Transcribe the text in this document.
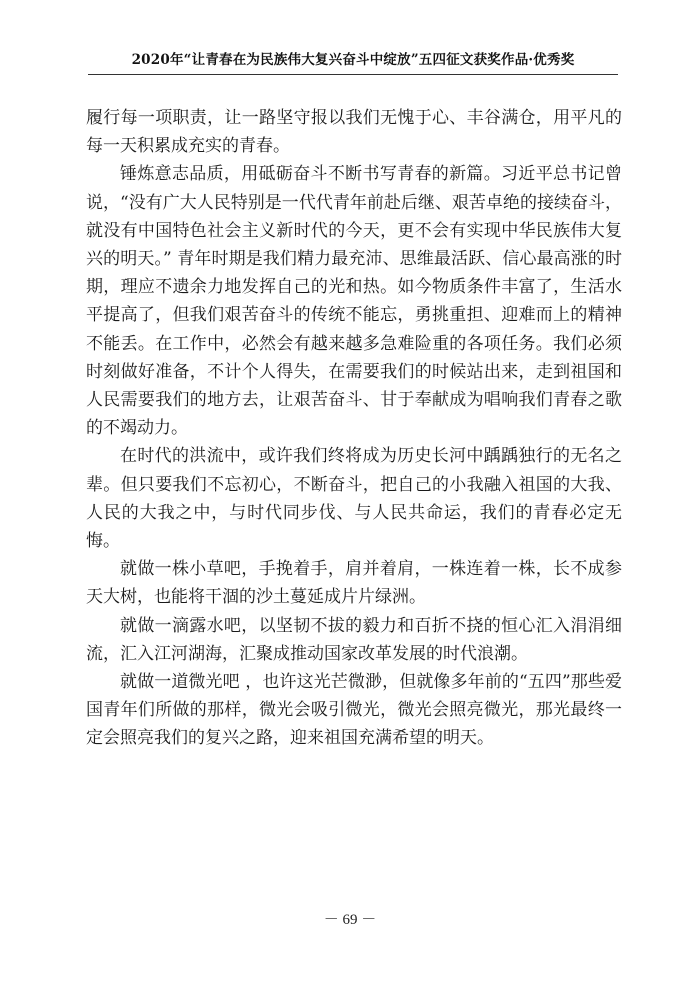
2020年“让青春在为民族伟大复兴奋斗中绽放”五四征文获奖作品·优秀奖

履行每一项职责，让一路坚守报以我们无愧于心、丰谷满仓，用平凡的每一天积累成充实的青春。

锤炼意志品质，用砥砺奋斗不断书写青春的新篇。习近平总书记曾说，“没有广大人民特别是一代代青年前赴后继、艰苦卓绝的接续奋斗，就没有中国特色社会主义新时代的今天，更不会有实现中华民族伟大复兴的明天。” 青年时期是我们精力最充沛、思维最活跃、信心最高涨的时期，理应不遗余力地发挥自己的光和热。如今物质条件丰富了，生活水平提高了，但我们艰苦奋斗的传统不能忘，勇挑重担、迎难而上的精神不能丢。在工作中，必然会有越来越多急难险重的各项任务。我们必须时刻做好准备，不计个人得失，在需要我们的时候站出来，走到祖国和人民需要我们的地方去，让艰苦奋斗、甘于奉献成为唱响我们青春之歌的不竭动力。

在时代的洪流中，或许我们终将成为历史长河中踽踽独行的无名之辈。但只要我们不忘初心，不断奋斗，把自己的小我融入祖国的大我、人民的大我之中，与时代同步伐、与人民共命运，我们的青春必定无悔。

就做一株小草吧，手挽着手，肩并着肩，一株连着一株，长不成参天大树，也能将干涸的沙土蔓延成片片绿洲。

就做一滴露水吧，以坚韧不拔的毅力和百折不挠的恒心汇入涓涓细流，汇入江河湖海，汇聚成推动国家改革发展的时代浪潮。

就做一道微光吧 ，也许这光芒微渺，但就像多年前的“五四”那些爱国青年们所做的那样，微光会吸引微光，微光会照亮微光，那光最终一定会照亮我们的复兴之路，迎来祖国充满希望的明天。

－ 69 －
